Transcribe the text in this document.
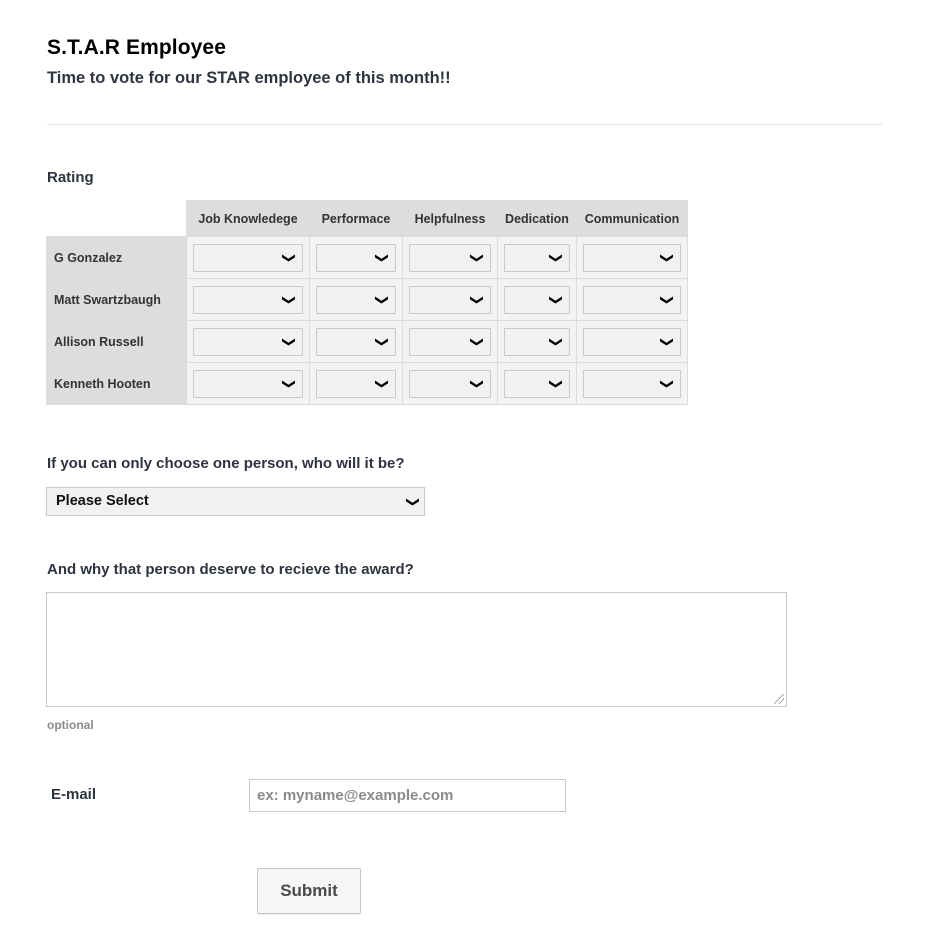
S.T.A.R Employee
Time to vote for our STAR employee of this month!!
Rating
	Job Knowledege	Performace	Helpfulness	Dedication	Communication
G Gonzalez	❯	❯	❯	❯	❯

Matt Swartzbaugh	❯	❯	❯	❯	❯

Allison Russell	❯	❯	❯	❯	❯

Kenneth Hooten	❯	❯	❯	❯	❯
If you can only choose one person, who will it be?
Please Select	❯
And why that person deserve to recieve the award?
optional
E-mail	ex: myname@example.com
Submit
